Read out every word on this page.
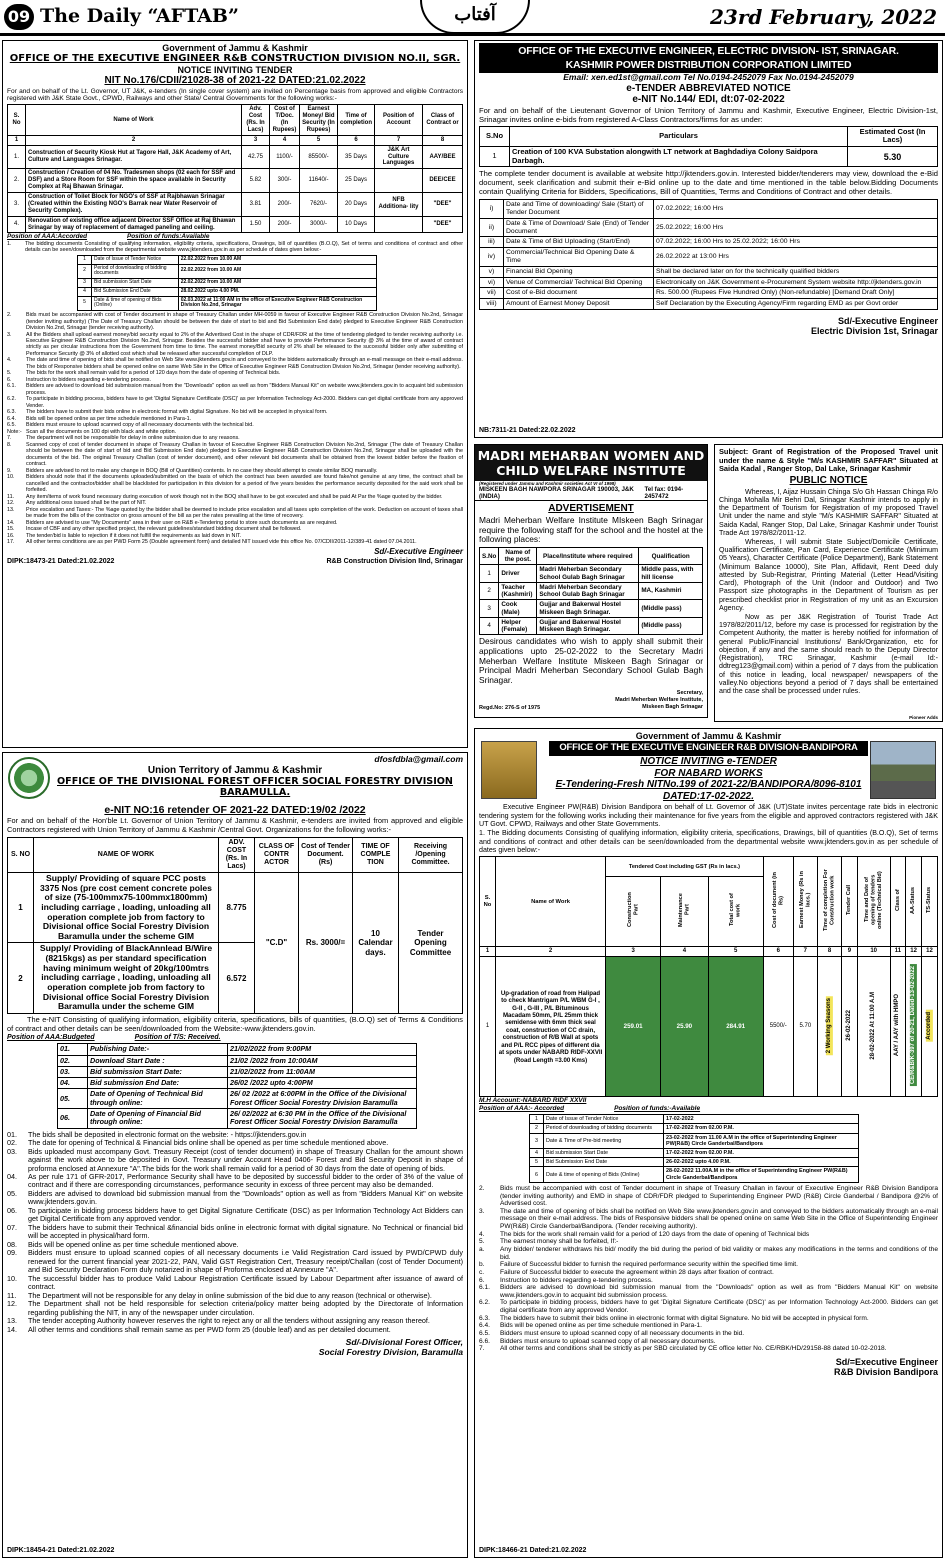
09 The Daily “AFTAB”	آفتاب	23rd February, 2022
Government of Jammu & Kashmir
OFFICE OF THE EXECUTIVE ENGINEER R&B CONSTRUCTION DIVISION NO.II, SGR.
NOTICE INVITING TENDER
NIT No.176/CDII/21028-38 of 2021-22 DATED:21.02.2022

For and on behalf of the Lt. Governor, UT J&K, e-tenders (In single cover system) are invited on Percentage basis from approved and eligible Contractors registered with J&K State Govt., CPWD, Railways and other State/ Central Governments for the following works:-

S. No	Name of Work	Adv. Cost (Rs. In Lacs)	Cost of T/Doc. (In Rupees)	Earnest Money/ Bid Security (In Rupees)	Time of completion	Position of Account	Class of Contract or
1	2	3	4	5	6	7	8
1.	Construction of Security Kiosk Hut at Tagore Hall, J&K Academy of Art, Culture and Languages Srinagar.	42.75	1100/-	85500/-	35 Days	J&K Art Culture Languages	AAY/BEE
2.	Construction / Creation of 04 No. Tradesmen shops (02 each for SSF and DSF) and a Store Room for SSF within the space available in Security Complex at Raj Bhawan Srinagar.	5.82	300/-	11640/-	25 Days		DEE/CEE
3.	Construction of Toilet Block for NGO's of SSF at Rajbhawan Srinagar (Created within the Existing NGO's Barrak near Water Reservoir of Security Complex).	3.81	200/-	7620/-	20 Days	NFB Additiona- lity	"DEE"
4.	Renovation of existing office adjacent Director SSF Office at Raj Bhawan Srinagar by way of replacement of damaged paneling and ceiling.	1.50	200/-	3000/-	10 Days		"DEE"
Position of AAA:Accorded	Position of funds:Available
1.	The bidding documents Consisting of qualifying information, eligibility criteria, specifications, Drawings, bill of quantities (B.O.Q), Set of terms and conditions of contract and other details can be seen/downloaded from the departmental website www.jktenders.gov.in as per schedule of dates given below:-
1	Date of Issue of Tender Notice	22.02.2022 from 10.00 AM
2	Period of downloading of bidding documents	22.02.2022 from 10.00 AM
3	Bid submission Start Date	22.02.2022 from 10.00 AM
4	Bid Submission End Date	28.02.2022 upto 4.00 PM.
5	Date & time of opening of Bids (Online)	02.03.2022 at 11:00 AM in the office of Executive Engineer R&B Construction Division No.2nd, Srinagar
2.	Bids must be accompanied with cost of Tender document in shape of Treasury Challan under MH-0059 in favour of Executive Engineer R&B Construction Division No.2nd, Srinagar (tender inviting authority) (The Date of Treasury Challan should be between the date of start to bid and Bid Submission End date) pledged to Executive Engineer R&B Construction Division No.2nd, Srinagar (tender receiving authority).
3.	All the Bidders shall upload earnest money/bid security equal to 2% of the Advertised Cost in the shape of CDR/FDR at the time of tendering pledged to tender receiving authority i.e. Executive Engineer R&B Construction Division No.2nd, Srinagar. Besides the successful bidder shall have to provide Performance Security @ 3% at the time of award of contract strictly as per circular instructions from the Government from time to time. The earnest money/Bid security of 2% shall be released to the successful bidder only after submitting of Performance Security @ 3% of allotted cost which shall be released after successful completion of DLP.
4.	The date and time of opening of bids shall be notified on Web Site www.jktenders.gov.in and conveyed to the bidders automatically through an e-mail message on their e-mail address. The bids of Responsive bidders shall be opened online on same Web Site in the Office of Executive Engineer R&B Construction Division No.2nd, Srinagar (tender receiving authority).
5.	The bids for the work shall remain valid for a period of 120 days from the date of opening of Technical bids.
6.	Instruction to bidders regarding e-tendering process.
6.1.	Bidders are advised to download bid submission manual from the "Downloads" option as well as from "Bidders Manual Kit" on website www.jktenders.gov.in to acquaint bid submission process.
6.2.	To participate in bidding process, bidders have to get 'Digital Signature Certificate (DSC)' as per Information Technology Act-2000. Bidders can get digital certificate from any approved Vender.
6.3.	The bidders have to submit their bids online in electronic format with digital Signature. No bid will be accepted in physical form.
6.4.	Bids will be opened online as per time schedule mentioned in Para-1.
6.5.	Bidders must ensure to upload scanned copy of all necessary documents with the technical bid.
Note:- Scan all the documents on 100 dpi with black and white option.
7.	The department will not be responsible for delay in online submission due to any reasons.
8.	Scanned copy of cost of tender document in shape of Treasury Challan in favour of Executive Engineer R&B Construction Division No.2nd, Srinagar (The date of Treasury Challan should be between the date of start of bid and Bid Submission End date) pledged to Executive Engineer R&B Construction Division No.2nd, Srinagar shall be uploaded with the documents of the bid. The original Treasury Challan (cost of tender document), and other relevant bid documents shall be obtained from the lowest bidder before the fixation of contract.
9.	Bidders are advised to not to make any change in BOQ (Bill of Quantities) contents. In no case they should attempt to create similar BOQ manually.
10.	Bidders should note that if the documents uploaded/submitted on the basis of which the contract has been awarded are found fake/not genuine at any time, the contract shall be cancelled and the contractor/bidder shall be blacklisted for participation in this division for a period of five years besides the performance security deposited for the said work shall be forfeited.
11.	Any item/items of work found necessary during execution of work though not in the BOQ shall have to be got executed and shall be paid At Par the %age quoted by the bidder.
12.	Any additional cess issued shall be the part of NIT.
13.	Price escalation and Taxes:- The %age quoted by the bidder shall be deemed to include price escalation and all taxes upto completion of the work. Deduction on account of taxes shall be made from the bills of the contractor on gross amount of the bill as per the rates prevailing at the time of recovery.
14.	Bidders are advised to use "My Documents" area in their user on R&B e-Tendering portal to store such documents as are required.
15.	Incase of CBF and any other specified project, the relevant guidelines/standard bidding document shall be followed.
16.	The tender/bid is liable to rejection if it does not fulfill the requirements as laid down in NIT.
17.	All other terms conditions are as per PWD Form 25 (Double agreement form) and detailed NIT issued vide this office No. 07/CDII/2011-12/389-41 dated 07.04.2011.
Sd/-Executive Engineer
DIPK:18473-21 Dated:21.02.2022	R&B Construction Division IInd, Srinagar
OFFICE OF THE EXECUTIVE ENGINEER, ELECTRIC DIVISION- IST, SRINAGAR.
KASHMIR POWER DISTRIBUTION CORPORATION LIMITED
Email: xen.ed1st@gmail.com Tel No.0194-2452079 Fax No.0194-2452079
e-TENDER ABBREVIATED NOTICE
e-NIT No.144/ EDI, dt:07-02-2022

For and on behalf of the Lieutenant Governor of Union Territory of Jammu and Kashmir, Executive Engineer, Electric Division-1st, Srinagar invites online e-bids from registered A-Class Contractors/firms for as under:

S.No	Particulars	Estimated Cost (In Lacs)
1	Creation of 100 KVA Substation alongwith LT network at Baghdadiya Colony Saidpora Darbagh.	5.30

The complete tender document is available at website http://jktenders.gov.in. Interested bidder/tenderers may view, download the e-Bid document, seek clarification and submit their e-Bid online up to the date and time mentioned in the table below.Bidding Documents contain Qualifying Criteria for Bidders, Specifications, Bill of Quantities, Terms and Conditions of Contract and other details.

i)	Date and Time of downloading/ Sale (Start) of Tender Document	07.02.2022; 16:00 Hrs
ii)	Date & Time of Download/ Sale (End) of Tender Document	25.02.2022; 16:00 Hrs
iii)	Date & Time of Bid Uploading (Start/End)	07.02.2022; 16:00 Hrs to 25.02.2022; 16:00 Hrs
iv)	Commercial/Technical Bid Opening Date & Time	26.02.2022 at 13:00 Hrs
v)	Financial Bid Opening	Shall be declared later on for the technically qualified bidders
vi)	Venue of Commercial/ Technical Bid Opening	Electronically on J&K Government e-Procurement System website http://jktenders.gov.in
vii)	Cost of e-Bid document	Rs. 500.00 (Rupees Five Hundred Only) (Non-refundable) [Demand Draft Only]
viii)	Amount of Earnest Money Deposit	Self Declaration by the Executing Agency/Firm regarding EMD as per Govt order
Sd/-Executive Engineer
Electric Division 1st, Srinagar
NB:7311-21 Dated:22.02.2022
MADRI MEHARBAN WOMEN AND CHILD WELFARE INSTITUTE
(Registered under Jammu and Kashmir societies Act VI of 1998)
MISKEEN BAGH NAWPORA SRINAGAR 190003, J&K (INDIA)
Tel fax: 0194-2457472
ADVERTISEMENT

Madri Meherban Welfare Institute MIskeen Bagh Srinagar require the following staff for the school and the hostel at the following places:

S.No	Name of the post.	Place/Institute where required	Qualification
1	Driver	Madri Meherban Secondary School Gulab Bagh Srinagar	Middle pass, with hill license
2	Teacher (Kashmiri)	Madri Meherban Secondary School Gulab Bagh Srinagar	MA, Kashmiri
3	Cook (Male)	Gujjar and Bakerwal Hostel Miskeen Bagh Srinagar.	(Middle pass)
4	Helper (Female)	Gujjar and Bakerwal Hostel Miskeen Bagh Srinagar.	(Middle pass)

Desirous candidates who wish to apply shall submit their applications upto 25-02-2022 to the Secretary Madri Meherban Welfare Institute Miskeen Bagh Srinagar or Principal Madri Meherban Secondary School Gulab Bagh Srinagar.

Regd.No: 276-S of 1975
Secretary,
Madri Meherban Welfare Institute,
Miskeen Bagh Srinagar

Subject: Grant of Registration of the Proposed Travel unit under the name & Style "M/s KASHMIR SAFFAR" Situated at Saida Kadal , Ranger Stop, Dal Lake, Srinagar Kashmir

PUBLIC NOTICE

Whereas, I, Aijaz Hussain Chinga S/o Gh Hassan Chinga R/o Chinga Mohalla Mir Behri Dal, Srinagar Kashmir intends to apply in the Department of Tourism for Registration of my proposed Travel Unit under the name and style "M/s KASHMIR SAFFAR" Situated at Saida Kadal, Ranger Stop, Dal Lake, Srinagar Kashmir under Tourist Trade Act 1978/82/2011-12.

Whereas, I will submit State Subject/Domicile Certificate, Qualification Certificate, Pan Card, Experience Certificate (Minimum 05 Years), Character Certificate (Police Department), Bank Statement (Minimum Balance 10000), Site Plan, Affidavit, Rent Deed duly attested by Sub-Registrar, Printing Material (Letter Head/Visiting Card), Photograph of the Unit (Indoor and Outdoor) and Two Passport size photographs in the Department of Tourism as per prescribed checklist prior in Registration of my unit as an Excursion Agency.

Now as per J&K Registration of Tourist Trade Act 1978/82/2011/12, before my case is processed for registration by the Competent Authority, the matter is hereby notified for information of general Public/Financial Institutions/ Bank/Organization, etc for objection, if any and the same should reach to the Deputy Director (Registration), TRC Srinagar, Kashmir (e-mail Id:-ddtreg123@gmail.com) within a period of 7 days from the publication of this notice in leading, local newspaper/ newspapers of the valley.No objections beyond a period of 7 days shall be entertained and the case shall be processed under rules.

Pioneer Adds
dfosfdbla@gmail.com
Union Territory of Jammu & Kashmir
OFFICE OF THE DIVISIONAL FOREST OFFICER SOCIAL FORESTRY DIVISION BARAMULLA.
e-NIT NO:16 retender OF 2021-22 DATED:19/02 /2022

For and on behalf of the Hon'ble Lt. Governor of Union Territory of Jammu & Kashmir, e-tenders are invited from approved and eligible Contractors registered with Union Territory of Jammu & Kashmir /Central Govt. Organizations for the following works:-

S. NO	NAME OF WORK	ADV. COST (Rs. In Lacs)	CLASS OF CONTR ACTOR	Cost of Tender Document. (Rs)	TIME OF COMPLE TION	Receiving /Opening Committee.
1	Supply/ Providing of square PCC posts 3375 Nos (pre cost cement concrete poles of size (75-100mmx75-100mmx1800mm) including carriage , loading, unloading all operation complete job from factory to Divisional office Social Forestry Division Baramulla under the scheme GIM	8.775	"C.D"	Rs. 3000/=	10 Calendar days.	Tender Opening Committee
2	Supply/ Providing of BlackAnnlead B/Wire (8215kgs) as per standard specification having minimum weight of 20kg/100mtrs including carriage , loading, unloading all operation complete job from factory to Divisional office Social Forestry Division Baramulla under the scheme GIM	6.572				

The e-NIT Consisting of qualifying information, eligibility criteria, specifications, bills of quantities, (B.O.Q) set of Terms & Conditions of contract and other details can be seen/downloaded from the Website:-www.jktenders.gov.in.

Position of AAA:Budgeted	Position of T/S: Received.
01.	Publishing Date:-	21/02/2022 from 9:00PM
02.	Download Start Date :	21/02 /2022 from 10:00AM
03.	Bid submission Start Date:	21/02/2022 from 11:00AM
04.	Bid submission End Date:	26/02 /2022 upto 4:00PM
05.	Date of Opening of Technical Bid through online:	26/ 02 /2022 at 6:00PM in the Office of the Divisional Forest Officer Social Forestry Division Baramulla
06.	Date of Opening of Financial Bid through online:	26/ 02/2022 at 6:30 PM in the Office of the Divisional Forest Officer Social Forestry Division Baramulla
01.	The bids shall be deposited in electronic format on the website: - https://jktenders.gov.in
02.	The date for opening of Technical & Financial bids online shall be opened as per time schedule mentioned above.
03.	Bids uploaded must accompany Govt. Treasury Receipt (cost of tender document) in shape of Treasury Challan for the amount shown against the work above to be deposited in Govt. Treasury under Account Head 0406- Forest and Bid Security Deposit in shape of proforma enclosed at Annexure "A".The bids for the work shall remain valid for a period of 30 days from the date of opening of bids.
04.	As per rule 171 of GFR-2017, Performance Security shall have to be deposited by successful bidder to the order of 3% of the value of contract and if there are corresponding circumstances, performance security in excess of three percent may also be demanded.
05.	Bidders are advised to download bid submission manual from the "Downloads" option as well as from "Bidders Manual Kit" on website www.jktenders.gov.in.
06.	To participate in bidding process bidders have to get Digital Signature Certificate (DSC) as per Information Technology Act Bidders can get Digital Certificate from any approved vendor.
07.	The bidders have to submit their Technical &financial bids online in electronic format with digital signature. No Technical or financial bid will be accepted in physical/hard form.
08.	Bids will be opened online as per time schedule mentioned above.
09.	Bidders must ensure to upload scanned copies of all necessary documents i.e Valid Registration Card issued by PWD/CPWD duly renewed for the current financial year 2021-22, PAN, Valid GST Registration Cert, Treasury receipt/Challan (cost of Tender Document) and Bid Security Declaration Form duly notarized in shape of Proforma enclosed at Annexure "A".
10.	The successful bidder has to produce Valid Labour Registration Certificate issued by Labour Department after issuance of award of contract.
11.	The Department will not be responsible for any delay in online submission of the bid due to any reason (technical or otherwise).
12.	The Department shall not be held responsible for selection criteria/policy matter being adopted by the Directorate of Information regarding publishing the NIT, in any of the newspaper under circulation.
13.	The tender accepting Authority however reserves the right to reject any or all the tenders without assigning any reason thereof.
14.	All other terms and conditions shall remain same as per PWD form 25 (double leaf) and as per detailed document.
Sd/-Divisional Forest Officer,
Social Forestry Division, Baramulla
DIPK:18454-21 Dated:21.02.2022
Government of Jammu & Kashmir
OFFICE OF THE EXECUTIVE ENGINEER R&B DIVISION-BANDIPORA
NOTICE INVITING e-TENDER
FOR NABARD WORKS
E-Tendering-Fresh NITNo.199 of 2021-22/BANDIPORA/8096-8101
DATED:17-02-2022.

Executive Engineer PW(R&B) Division Bandipora on behalf of Lt. Governor of J&K (UT)State invites percentage rate bids in electronic tendering system for the following works including their maintenance for five years from the eligible and approved contractors registered with J&K UT Govt. CPWD, Railways and other State Governments.

1. The Bidding documents Consisting of qualifying information, eligibility criteria, specifications, Drawings, bill of quantities (B.O.Q), Set of terms and conditions of contract and other details can be seen/downloaded from the departmental website www.jktenders.gov.in as per schedule of dates given below:-

S. No	Name of Work	Tendered Cost including GST (Rs in lacs.)			Cost of document (in Rs)	Earnest Money (Rs in lacs.)	Time of completion For Construction work	Tender Call	Time and Date of opening of tenders online (Technical Bid)	Class of	AA-Status	TS-Status
		Construction Part	Maintenance Part	Total cost of work								
1	2	3	4	5	6	7	8	9	10	11	12	12
1	Up-gradation of road from Halipad to check Mantrigam P/L WBM G-I , G-II , G-III , P/L Bituminous Macadam 50mm, P/L 25mm thick semidense with 6mm thick seal coat, construction of CC drain, construction of R/B Wall at spots and P/L RCC pipes of different dia at spots under NABARD RIDF-XXVII (Road Length =3.00 Kms)	259.01	25.90	284.91	5500/-	5.70	2 Working Seasons	26-02-2022	28-02-2022 At 11:00 A.M	AAY / AAY with HMPO	CE/R&B/K-397 of 20-21, Dated-13-02-2022	Accorded
M.H Account:-NABARD RIDF XXVII
Position of AAA:- Accorded	Position of funds:-Available
1	Date of Issue of Tender Notice	17-02-2022
2	Period of downloading of bidding documents	17-02-2022 from 02.00 P.M.
3	Date & Time of Pre-bid meeting	23-02-2022 from 11.00 A.M in the office of Superintending Engineer PW(R&B) Circle Ganderbal/Bandipora
4	Bid submission Start Date	17-02-2022 from 02.00 P.M.
5	Bid Submission End Date	26-02-2022 upto 4.00 P.M.
6	Date & time of opening of Bids (Online)	28-02-2022 11.00A.M in the office of Superintending Engineer PW(R&B) Circle Ganderbal/Bandipora
2.	Bids must be accompanied with cost of Tender document in shape of Treasury Challan in favour of Executive Engineer R&B Division Bandipora (tender inviting authority) and EMD in shape of CDR/FDR pledged to Superintending Engineer PWD (R&B) Circle Ganderbal / Bandipora @2% of Advertised cost.
3.	The date and time of opening of bids shall be notified on Web Site www.jktenders.gov.in and conveyed to the bidders automatically through an e-mail message on their e-mail address. The bids of Responsive bidders shall be opened online on same Web Site in the Office of Superintending Engineer PW(R&B) Circle Ganderbal/Bandipora. (Tender receiving authority).
4.	The bids for the work shall remain valid for a period of 120 days from the date of opening of Technical bids
5.	The earnest money shall be forfeited, If:-
a.	Any bidder/ tenderer withdraws his bid/ modify the bid during the period of bid validity or makes any modifications in the terms and conditions of the bid.
b.	Failure of Successful bidder to furnish the required performance security within the specified time limit.
c.	Failure of Successful bidder to execute the agreement within 28 days after fixation of contract.
6.	Instruction to bidders regarding e-tendering process.
6.1.	Bidders are advised to download bid submission manual from the "Downloads" option as well as from "Bidders Manual Kit" on website www.jktenders.gov.in to acquaint bid submission process.
6.2.	To participate in bidding process, bidders have to get 'Digital Signature Certificate (DSC)' as per Information Technology Act-2000. Bidders can get digital certificate from any approved Vendor.
6.3.	The bidders have to submit their bids online in electronic format with digital Signature. No bid will be accepted in physical form.
6.4.	Bids will be opened online as per time schedule mentioned in Para-1.
6.5.	Bidders must ensure to upload scanned copy of all necessary documents in the bid.
6.6.	Bidders must ensure to upload scanned copy of all necessary documents.
7.	All other terms and conditions shall be strictly as per SBD circulated by CE office letter No. CE/RBK/HD/29158-88 dated 10-02-2018.
Sd/=Executive Engineer
R&B Division Bandipora
DIPK:18466-21 Dated:21.02.2022
